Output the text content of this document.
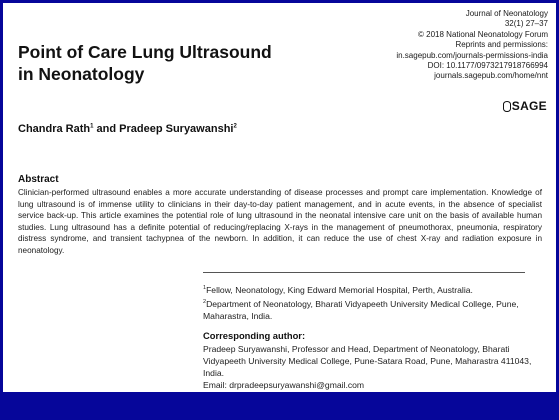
Journal of Neonatology
32(1) 27–37
© 2018 National Neonatology Forum
Reprints and permissions:
in.sagepub.com/journals-permissions-india
DOI: 10.1177/0973217918766994
journals.sagepub.com/home/nnt
SAGE
Point of Care Lung Ultrasound
in Neonatology
Chandra Rath$^1$ and Pradeep Suryawanshi$^2$
Abstract
Clinician-performed ultrasound enables a more accurate understanding of disease processes and prompt care implementation. Knowledge of lung ultrasound is of immense utility to clinicians in their day-to-day patient management, and in acute events, in the absence of specialist service back-up. This article examines the potential role of lung ultrasound in the neonatal intensive care unit on the basis of available human studies. Lung ultrasound has a definite potential of reducing/replacing X-rays in the management of pneumothorax, pneumonia, respiratory distress syndrome, and transient tachypnea of the newborn. In addition, it can reduce the use of chest X-ray and radiation exposure in neonatology.
$^1$Fellow, Neonatology, King Edward Memorial Hospital, Perth, Australia.
$^2$Department of Neonatology, Bharati Vidyapeeth University Medical College, Pune, Maharastra, India.
Corresponding author:
Pradeep Suryawanshi, Professor and Head, Department of Neonatology, Bharati Vidyapeeth University Medical College, Pune-Satara Road, Pune, Maharastra 411043, India.
Email: drpradeepsuryawanshi@gmail.com
